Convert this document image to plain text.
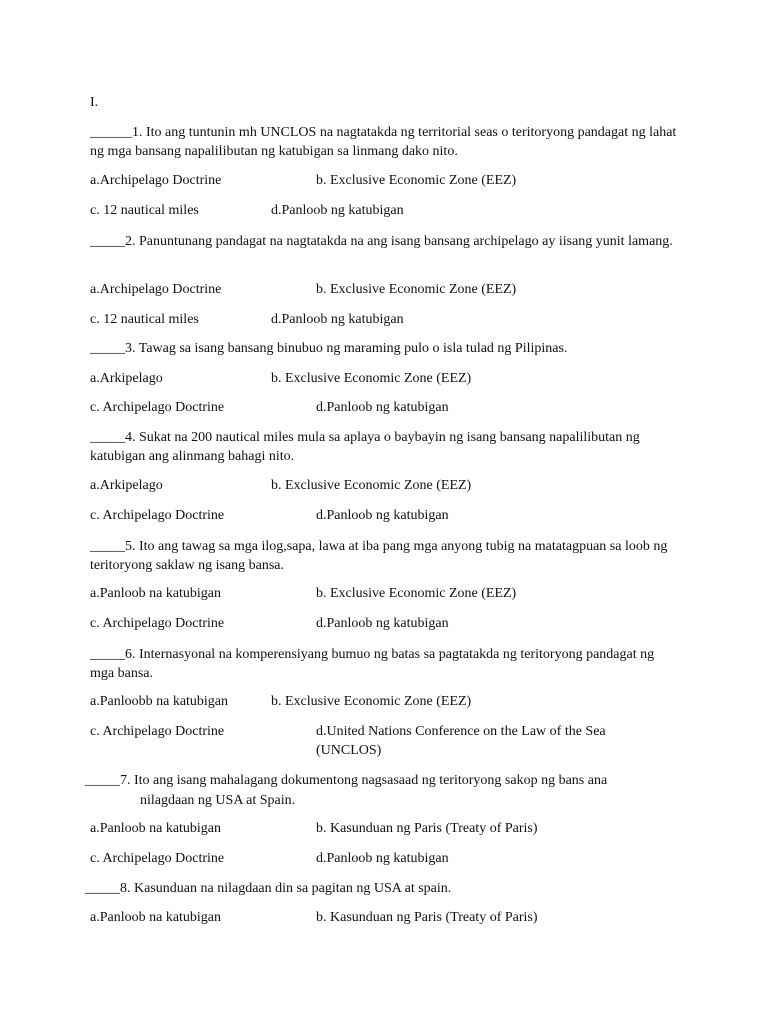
I.
______1. Ito ang tuntunin mh UNCLOS na nagtatakda ng territorial seas o teritoryong pandagat ng lahat ng mga bansang napalilibutan ng katubigan sa linmang dako nito.
a.Archipelago Doctrine	b. Exclusive Economic Zone (EEZ)
c. 12 nautical miles	d.Panloob ng katubigan
_____2. Panuntunang pandagat na nagtatakda na ang isang bansang archipelago ay iisang yunit lamang.
a.Archipelago Doctrine	b. Exclusive Economic Zone (EEZ)
c. 12 nautical miles	d.Panloob ng katubigan
_____3. Tawag sa isang bansang binubuo ng maraming pulo o isla tulad ng Pilipinas.
a.Arkipelago	b. Exclusive Economic Zone (EEZ)
c. Archipelago Doctrine	d.Panloob ng katubigan
_____4. Sukat na 200 nautical miles mula sa aplaya o baybayin ng isang bansang napalilibutan ng katubigan ang alinmang bahagi nito.
a.Arkipelago	b. Exclusive Economic Zone (EEZ)
c. Archipelago Doctrine	d.Panloob ng katubigan
_____5. Ito ang tawag sa mga ilog,sapa, lawa at iba pang mga anyong tubig na matatagpuan sa loob ng teritoryong saklaw ng isang bansa.
a.Panloob na katubigan	b. Exclusive Economic Zone (EEZ)
c. Archipelago Doctrine	d.Panloob ng katubigan
_____6. Internasyonal na komperensiyang bumuo ng batas sa pagtatakda ng teritoryong pandagat ng mga bansa.
a.Panloobb na katubigan	b. Exclusive Economic Zone (EEZ)
c. Archipelago Doctrine	d.United Nations Conference on the Law of the Sea
(UNCLOS)
_____7. Ito ang isang mahalagang dokumentong nagsasaad ng teritoryong sakop ng bans ana
nilagdaan ng USA at Spain.
a.Panloob na katubigan	b. Kasunduan ng Paris (Treaty of Paris)
c. Archipelago Doctrine	d.Panloob ng katubigan
_____8. Kasunduan na nilagdaan din sa pagitan ng USA at spain.
a.Panloob na katubigan	b. Kasunduan ng Paris (Treaty of Paris)
